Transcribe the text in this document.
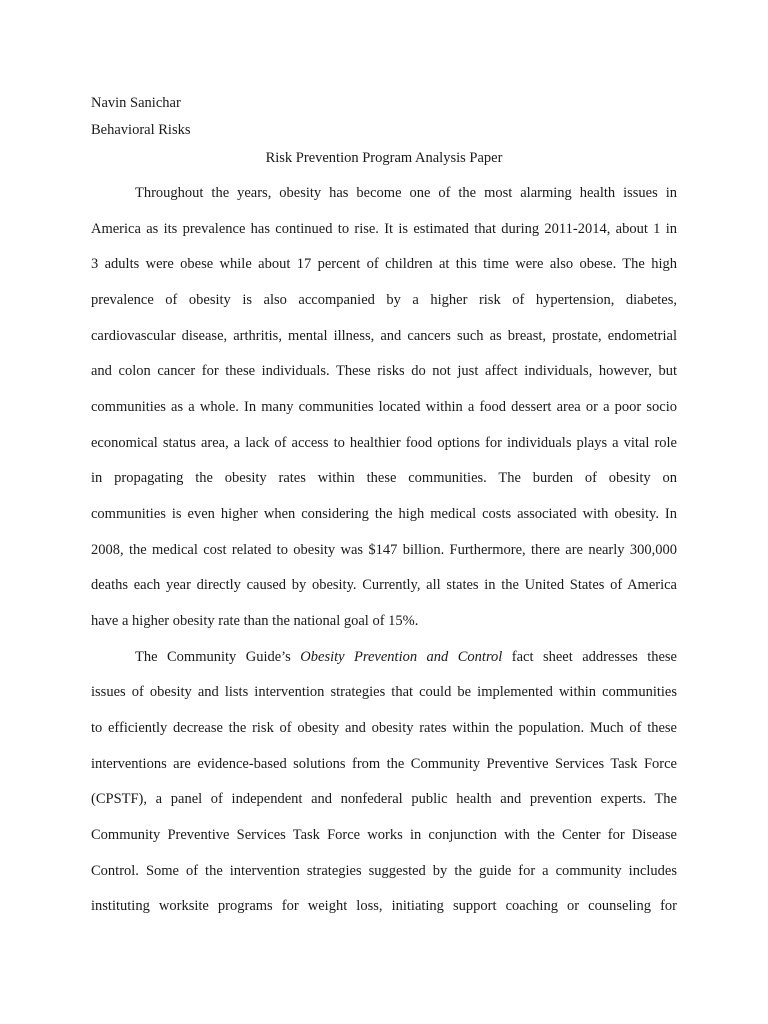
Navin Sanichar
Behavioral Risks
Risk Prevention Program Analysis Paper
Throughout the years, obesity has become one of the most alarming health issues in
America as its prevalence has continued to rise. It is estimated that during 2011-2014, about 1 in
3 adults were obese while about 17 percent of children at this time were also obese. The high
prevalence of obesity is also accompanied by a higher risk of hypertension, diabetes,
cardiovascular disease, arthritis, mental illness, and cancers such as breast, prostate, endometrial
and colon cancer for these individuals. These risks do not just affect individuals, however, but
communities as a whole. In many communities located within a food dessert area or a poor socio
economical status area, a lack of access to healthier food options for individuals plays a vital role
in propagating the obesity rates within these communities. The burden of obesity on
communities is even higher when considering the high medical costs associated with obesity. In
2008, the medical cost related to obesity was $147 billion. Furthermore, there are nearly 300,000
deaths each year directly caused by obesity. Currently, all states in the United States of America
have a higher obesity rate than the national goal of 15%.
The Community Guide’s Obesity Prevention and Control fact sheet addresses these
issues of obesity and lists intervention strategies that could be implemented within communities
to efficiently decrease the risk of obesity and obesity rates within the population. Much of these
interventions are evidence-based solutions from the Community Preventive Services Task Force
(CPSTF), a panel of independent and nonfederal public health and prevention experts. The
Community Preventive Services Task Force works in conjunction with the Center for Disease
Control. Some of the intervention strategies suggested by the guide for a community includes
instituting worksite programs for weight loss, initiating support coaching or counseling for
